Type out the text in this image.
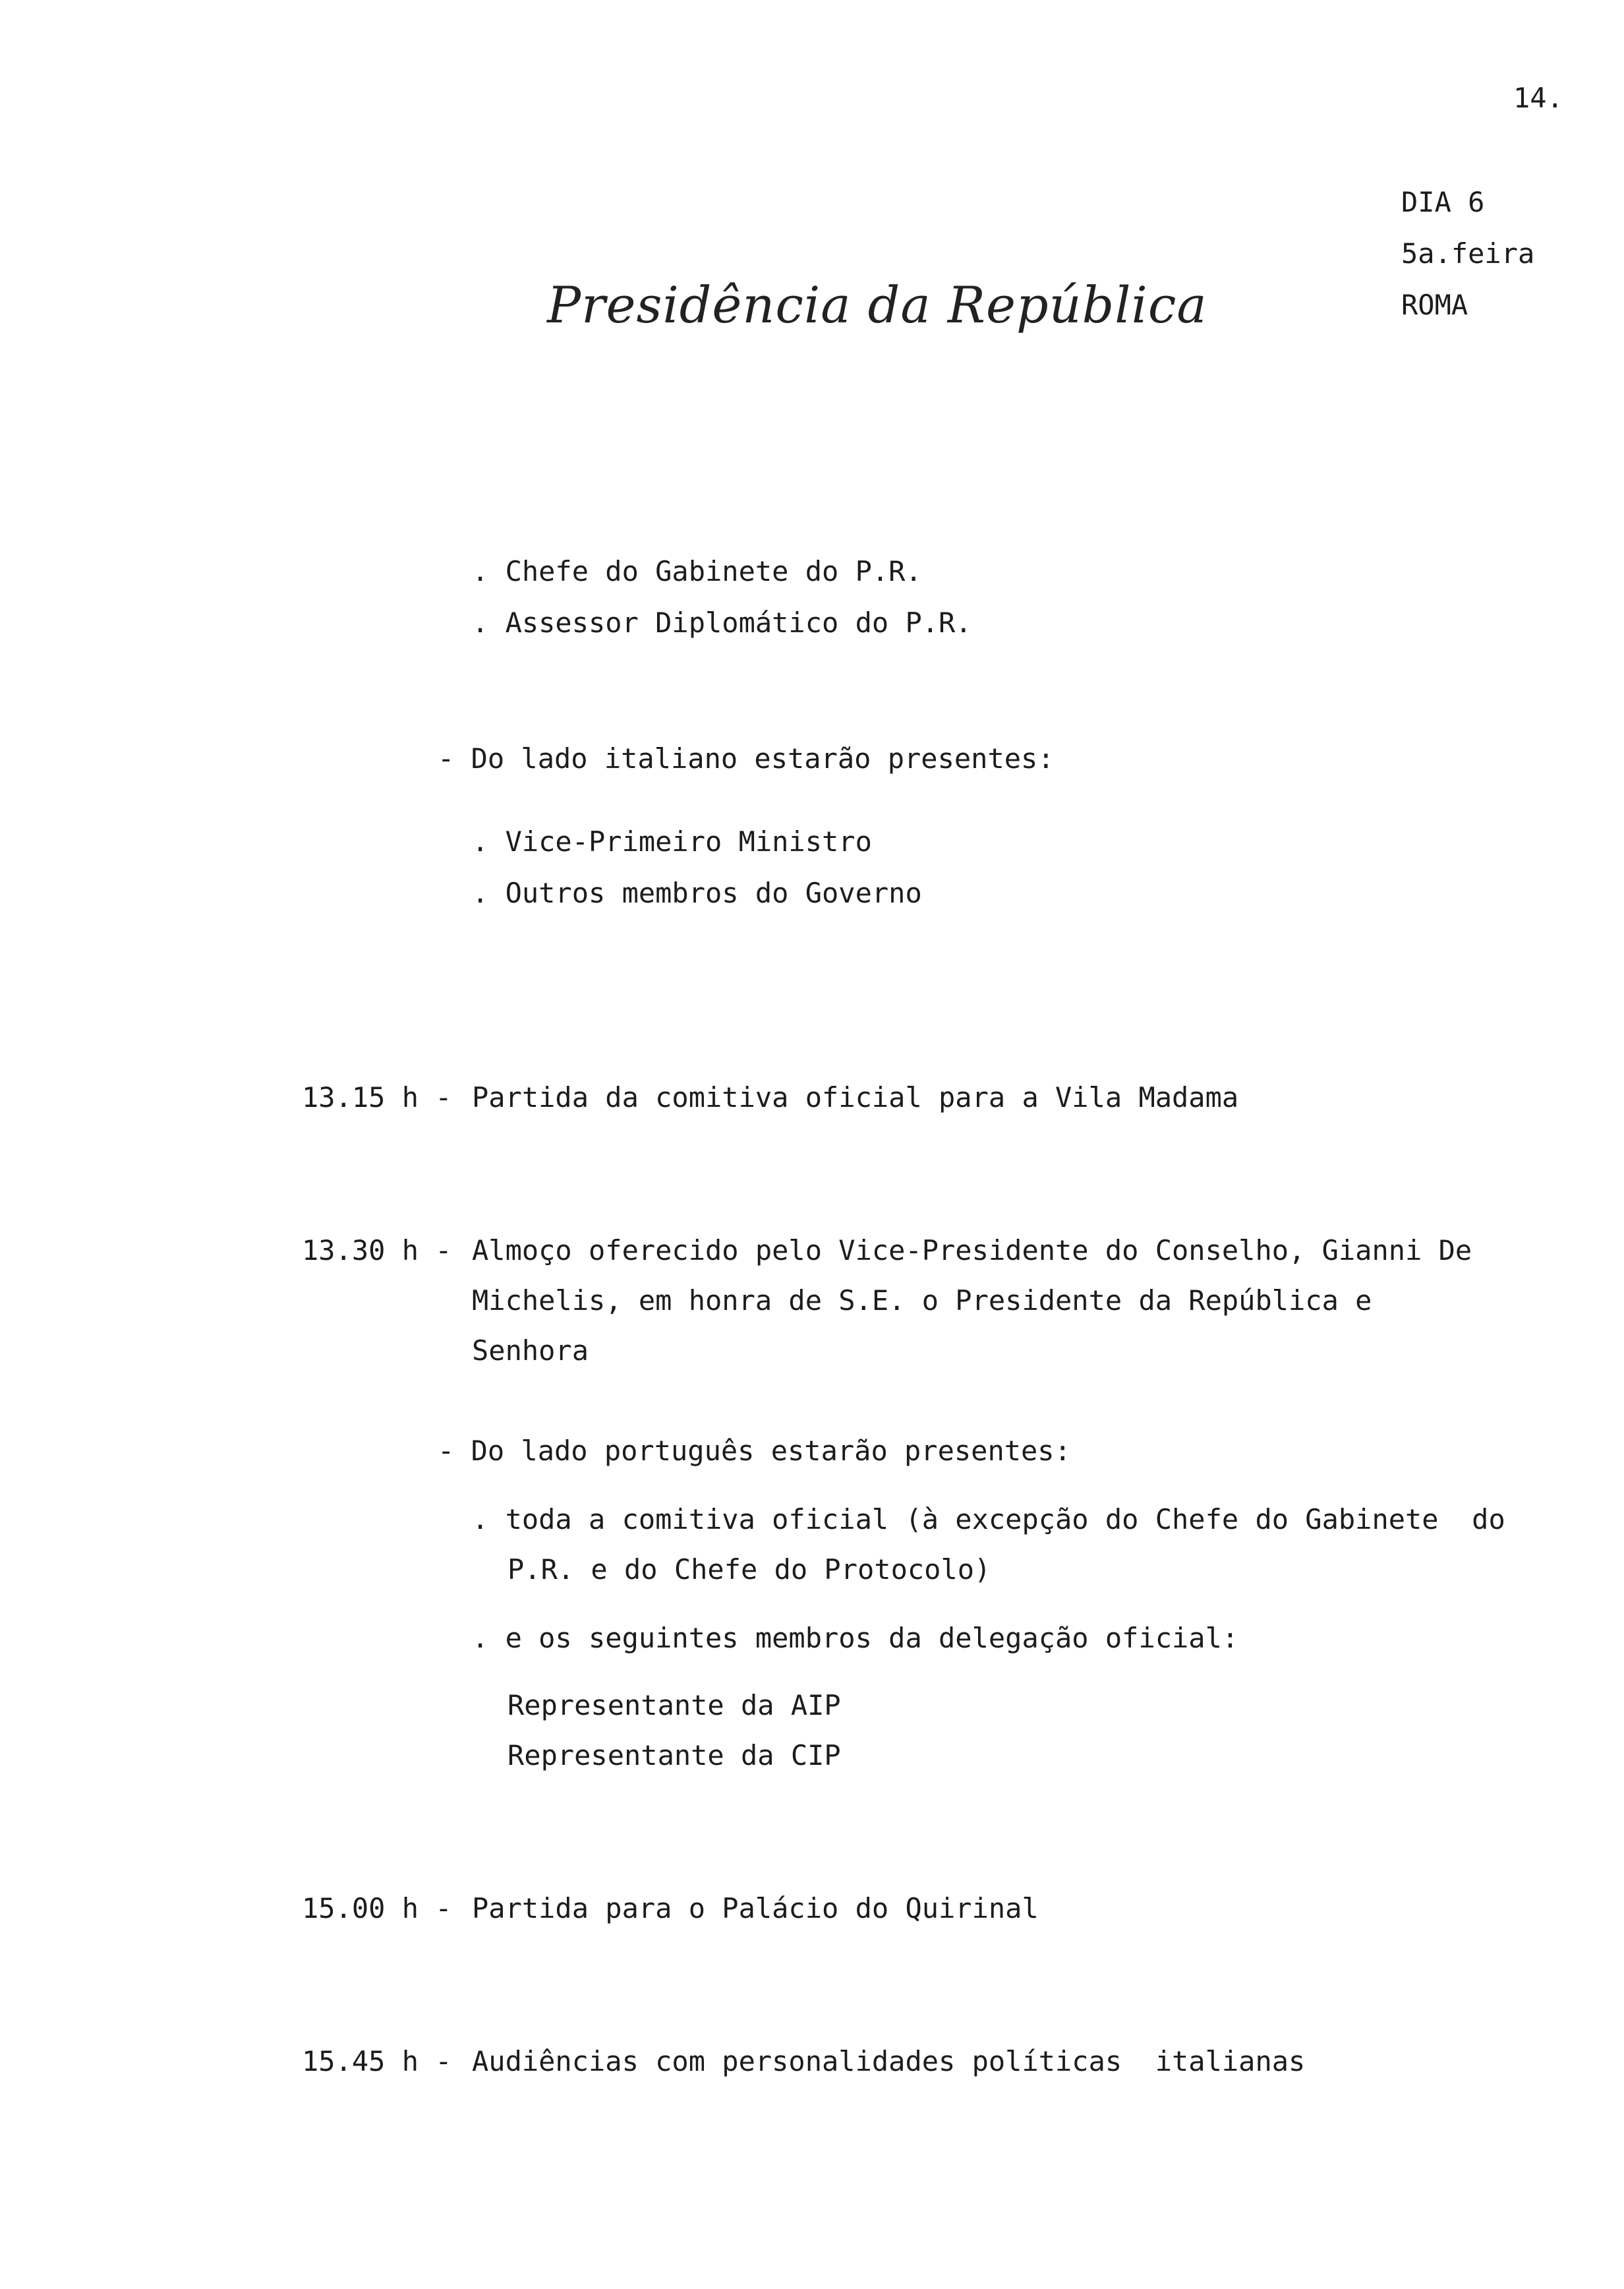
14.
DIA 6
5a.feira
ROMA
Presidência da República
. Chefe do Gabinete do P.R.
. Assessor Diplomático do P.R.
- Do lado italiano estarão presentes:
. Vice-Primeiro Ministro
. Outros membros do Governo
13.15 h - Partida da comitiva oficial para a Vila Madama
13.30 h - Almoço oferecido pelo Vice-Presidente do Conselho, Gianni De
Michelis, em honra de S.E. o Presidente da República e
Senhora
- Do lado português estarão presentes:
. toda a comitiva oficial (à excepção do Chefe do Gabinete  do
P.R. e do Chefe do Protocolo)
. e os seguintes membros da delegação oficial:
Representante da AIP
Representante da CIP
15.00 h - Partida para o Palácio do Quirinal
15.45 h - Audiências com personalidades políticas  italianas
